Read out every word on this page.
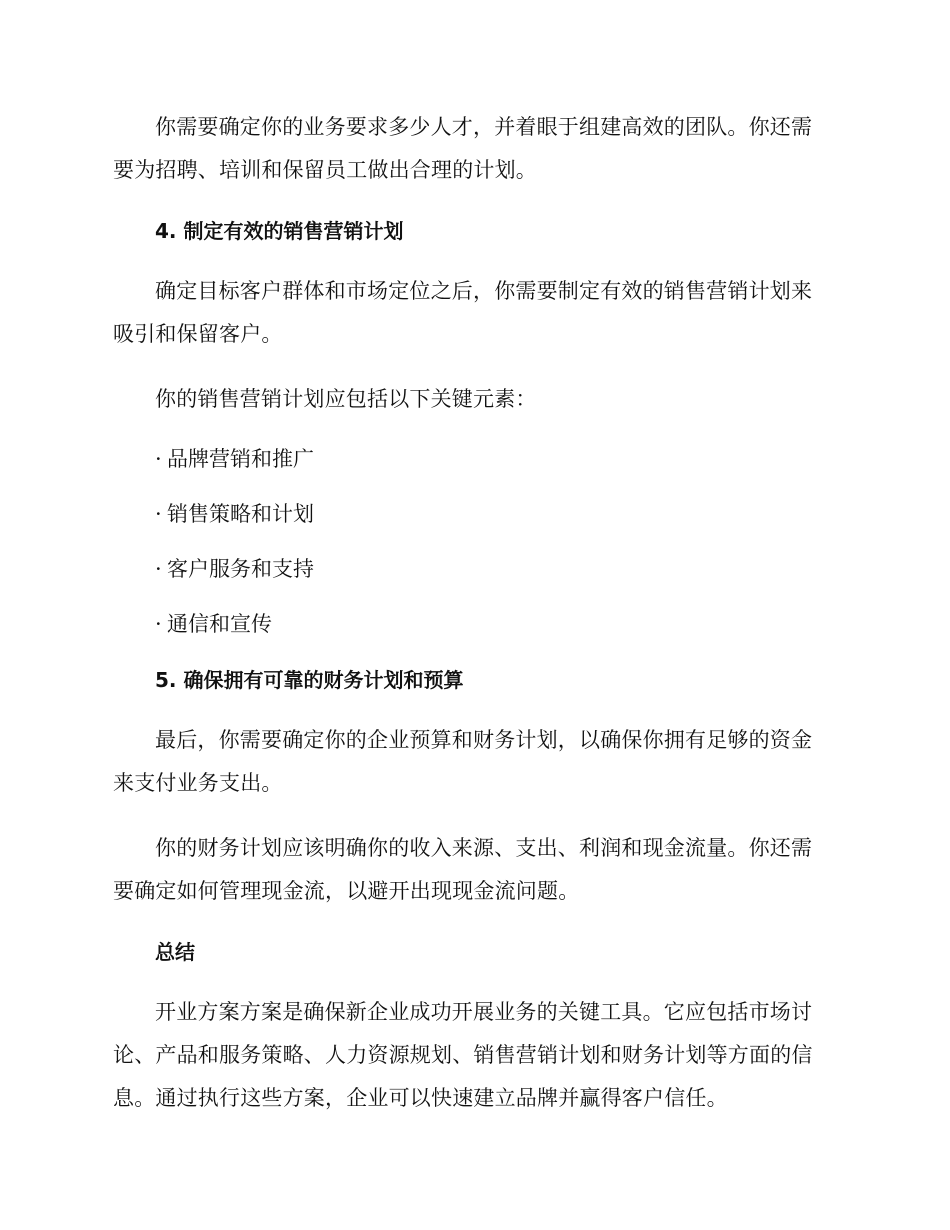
你需要确定你的业务要求多少人才，并着眼于组建高效的团队。你还需要为招聘、培训和保留员工做出合理的计划。

4. 制定有效的销售营销计划

确定目标客户群体和市场定位之后，你需要制定有效的销售营销计划来吸引和保留客户。

你的销售营销计划应包括以下关键元素：

· 品牌营销和推广
· 销售策略和计划
· 客户服务和支持
· 通信和宣传
5. 确保拥有可靠的财务计划和预算

最后，你需要确定你的企业预算和财务计划，以确保你拥有足够的资金来支付业务支出。

你的财务计划应该明确你的收入来源、支出、利润和现金流量。你还需要确定如何管理现金流，以避开出现现金流问题。

总结

开业方案方案是确保新企业成功开展业务的关键工具。它应包括市场讨论、产品和服务策略、人力资源规划、销售营销计划和财务计划等方面的信息。通过执行这些方案，企业可以快速建立品牌并赢得客户信任。
